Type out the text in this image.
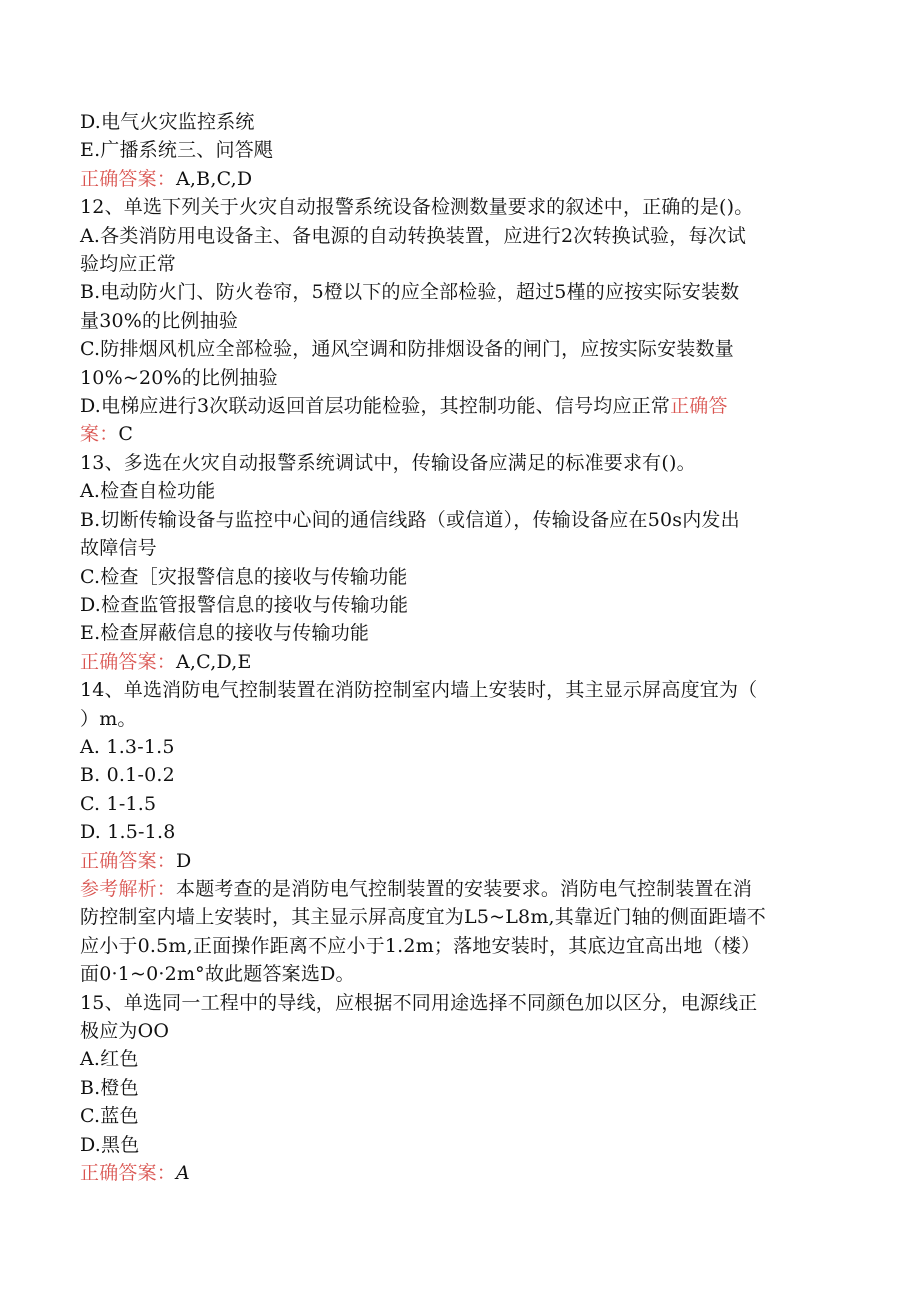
D.电气火灾监控系统
E.广播系统三、问答飓
正确答案：A,B,C,D
12、单选下列关于火灾自动报警系统设备检测数量要求的叙述中，正确的是()。
A.各类消防用电设备主、备电源的自动转换装置，应进行2次转换试验，每次试
验均应正常
B.电动防火门、防火卷帘，5橙以下的应全部检验，超过5槿的应按实际安装数
量30%的比例抽验
C.防排烟风机应全部检验，通风空调和防排烟设备的闸门，应按实际安装数量
10%~20%的比例抽验
D.电梯应进行3次联动返回首层功能检验，其控制功能、信号均应正常正确答
案：C
13、多选在火灾自动报警系统调试中，传输设备应满足的标准要求有()。
A.检查自检功能
B.切断传输设备与监控中心间的通信线路（或信道），传输设备应在50s内发出
故障信号
C.检查［灾报警信息的接收与传输功能
D.检查监管报警信息的接收与传输功能
E.检查屏蔽信息的接收与传输功能
正确答案：A,C,D,E
14、单选消防电气控制装置在消防控制室内墙上安装时，其主显示屏高度宜为（
）m。
A. 1.3-1.5
B. 0.1-0.2
C. 1-1.5
D. 1.5-1.8
正确答案：D
参考解析：本题考查的是消防电气控制装置的安装要求。消防电气控制装置在消
防控制室内墙上安装时，其主显示屏高度宜为L5~L8m,其靠近门轴的侧面距墙不
应小于0.5m,正面操作距离不应小于1.2m；落地安装时，其底边宜高出地（楼）
面0·1~0·2m°故此题答案选D。
15、单选同一工程中的导线，应根据不同用途选择不同颜色加以区分，电源线正
极应为OO
A.红色
B.橙色
C.蓝色
D.黑色
正确答案：A
